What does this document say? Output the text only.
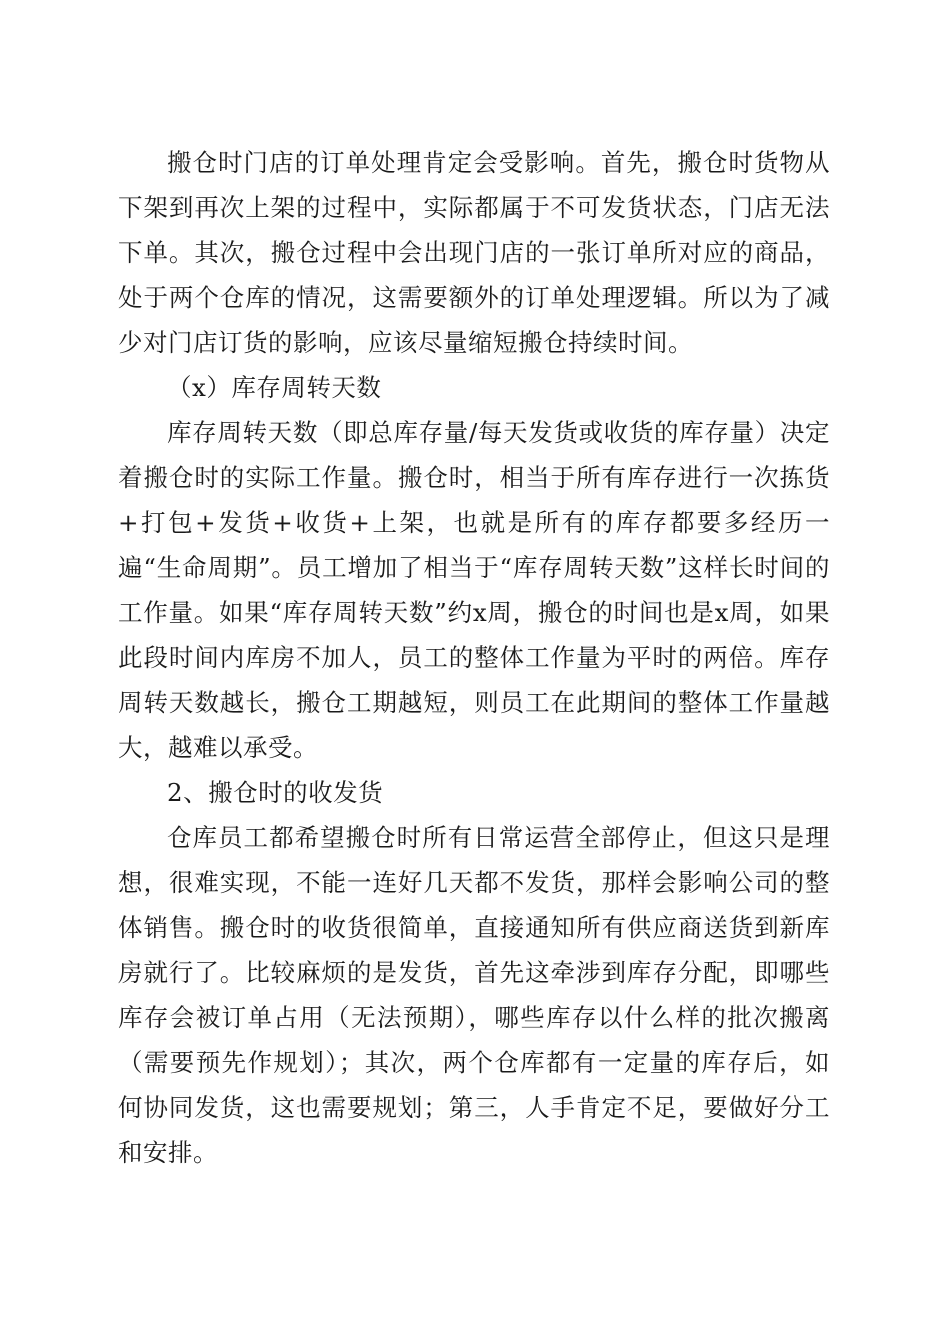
搬仓时门店的订单处理肯定会受影响。首先，搬仓时货物从下架到再次上架的过程中，实际都属于不可发货状态，门店无法下单。其次，搬仓过程中会出现门店的一张订单所对应的商品，处于两个仓库的情况，这需要额外的订单处理逻辑。所以为了减少对门店订货的影响，应该尽量缩短搬仓持续时间。

（x）库存周转天数

库存周转天数（即总库存量/每天发货或收货的库存量）决定着搬仓时的实际工作量。搬仓时，相当于所有库存进行一次拣货+打包+发货+收货+上架，也就是所有的库存都要多经历一遍“生命周期”。员工增加了相当于“库存周转天数”这样长时间的工作量。如果“库存周转天数”约x周，搬仓的时间也是x周，如果此段时间内库房不加人，员工的整体工作量为平时的两倍。库存周转天数越长，搬仓工期越短，则员工在此期间的整体工作量越大，越难以承受。

2、搬仓时的收发货

仓库员工都希望搬仓时所有日常运营全部停止，但这只是理想，很难实现，不能一连好几天都不发货，那样会影响公司的整体销售。搬仓时的收货很简单，直接通知所有供应商送货到新库房就行了。比较麻烦的是发货，首先这牵涉到库存分配，即哪些库存会被订单占用（无法预期），哪些库存以什么样的批次搬离（需要预先作规划）；其次，两个仓库都有一定量的库存后，如何协同发货，这也需要规划；第三，人手肯定不足，要做好分工和安排。
